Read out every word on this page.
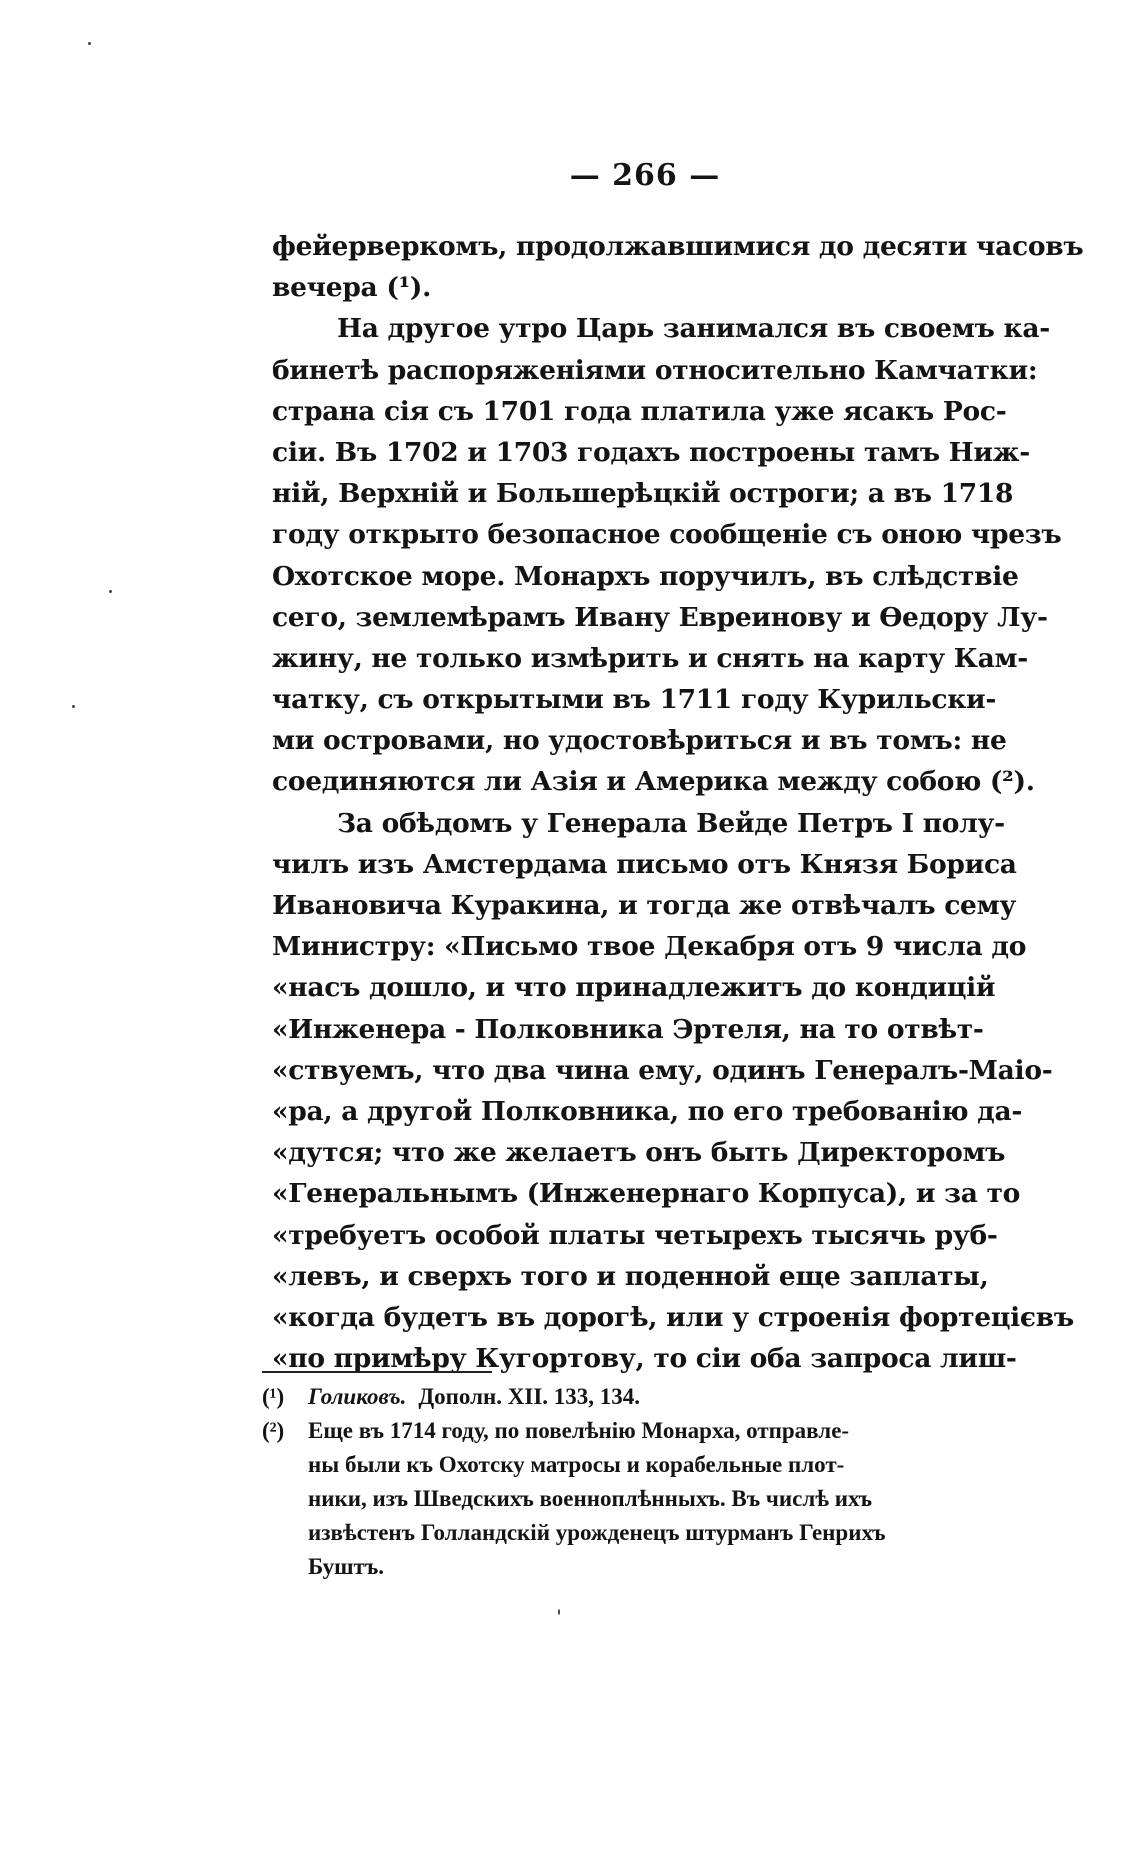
— 266 —
фейерверкомъ, продолжавшимися до десяти часовъ
вечера (¹).
На другое утро Царь занимался въ своемъ ка-
бинетѣ распоряженіями относительно Камчатки:
страна сія съ 1701 года платила уже ясакъ Рос-
сіи. Въ 1702 и 1703 годахъ построены тамъ Ниж-
ній, Верхній и Большерѣцкій остроги; а въ 1718
году открыто безопасное сообщеніе съ оною чрезъ
Охотское море. Монархъ поручилъ, въ слѣдствіе
сего, землемѣрамъ Ивану Евреинову и Өедору Лу-
жину, не только измѣрить и снять на карту Кам-
чатку, съ открытыми въ 1711 году Курильски-
ми островами, но удостовѣриться и въ томъ: не
соединяются ли Азія и Америка между собою (²).
За обѣдомъ у Генерала Вейде Петръ I полу-
чилъ изъ Амстердама письмо отъ Князя Бориса
Ивановича Куракина, и тогда же отвѣчалъ сему
Министру: «Письмо твое Декабря отъ 9 числа до
«насъ дошло, и что принадлежитъ до кондицій
«Инженера - Полковника Эртеля, на то отвѣт-
«ствуемъ, что два чина ему, одинъ Генералъ-Маіо-
«ра, а другой Полковника, по его требованію да-
«дутся; что же желаетъ онъ быть Директоромъ
«Генеральнымъ (Инженернаго Корпуса), и за то
«требуетъ особой платы четырехъ тысячь руб-
«левъ, и сверхъ того и поденной еще заплаты,
«когда будетъ въ дорогѣ, или у строенія фортецієвъ
«по примѣру Кугортову, то сіи оба запроса лиш-
(¹)	Голиковъ. Дополн. XII. 133, 134.
(²)	Еще въ 1714 году, по повелѣнію Монарха, отправле-
ны были къ Охотску матросы и корабельные плот-
ники, изъ Шведскихъ военноплѣнныхъ. Въ числѣ ихъ
извѣстенъ Голландскій урожденецъ штурманъ Генрихъ
Буштъ.
